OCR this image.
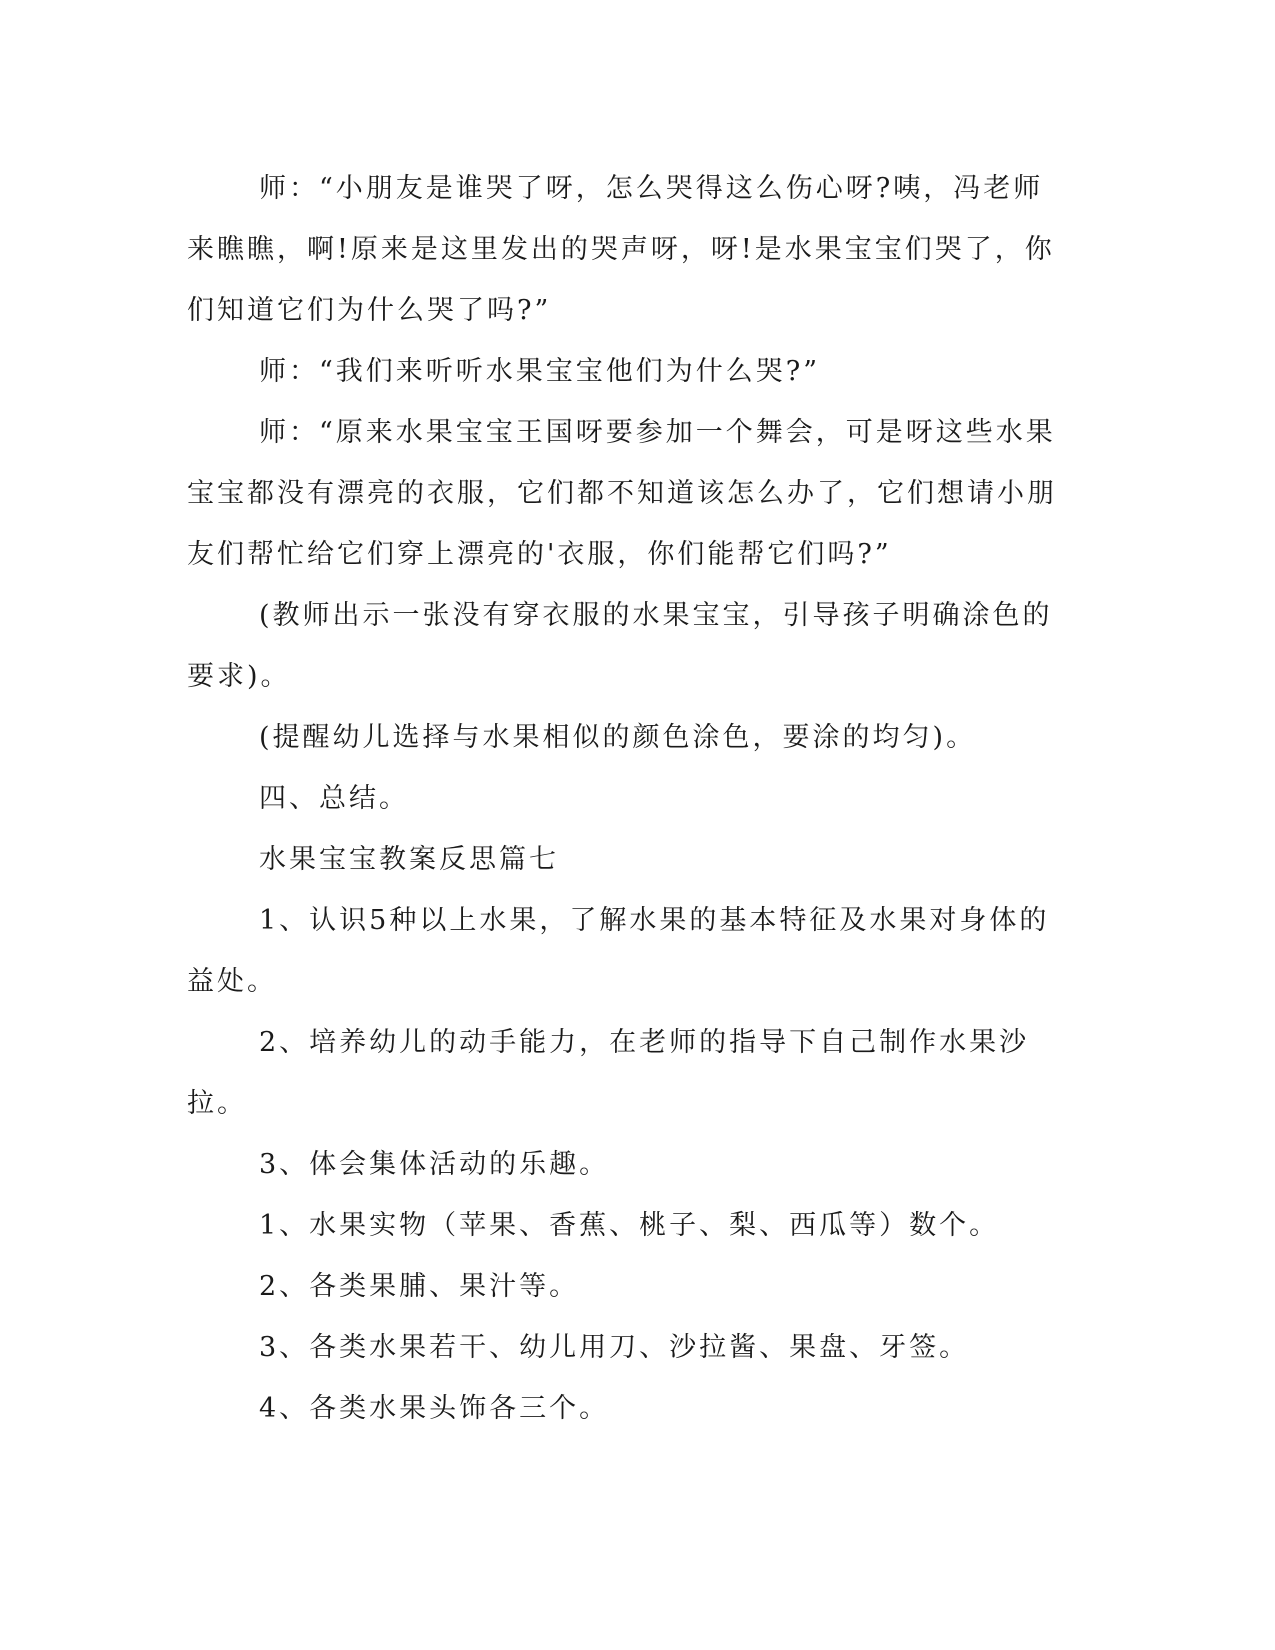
师：“小朋友是谁哭了呀，怎么哭得这么伤心呀?咦，冯老师来瞧瞧，啊!原来是这里发出的哭声呀，呀!是水果宝宝们哭了，你们知道它们为什么哭了吗?”

师：“我们来听听水果宝宝他们为什么哭?”

师：“原来水果宝宝王国呀要参加一个舞会，可是呀这些水果宝宝都没有漂亮的衣服，它们都不知道该怎么办了，它们想请小朋友们帮忙给它们穿上漂亮的'衣服，你们能帮它们吗?”

(教师出示一张没有穿衣服的水果宝宝，引导孩子明确涂色的要求)。

(提醒幼儿选择与水果相似的颜色涂色，要涂的均匀)。

四、总结。

水果宝宝教案反思篇七

1、认识5种以上水果，了解水果的基本特征及水果对身体的益处。

2、培养幼儿的动手能力，在老师的指导下自己制作水果沙拉。

3、体会集体活动的乐趣。

1、水果实物（苹果、香蕉、桃子、梨、西瓜等）数个。

2、各类果脯、果汁等。

3、各类水果若干、幼儿用刀、沙拉酱、果盘、牙签。

4、各类水果头饰各三个。
